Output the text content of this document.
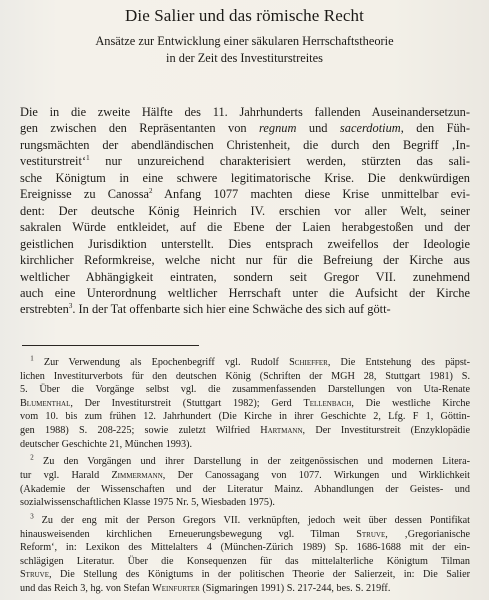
Die Salier und das römische Recht
Ansätze zur Entwicklung einer säkularen Herrschaftstheorie
in der Zeit des Investiturstreites
Die in die zweite Hälfte des 11. Jahrhunderts fallenden Auseinandersetzun-
gen zwischen den Repräsentanten von regnum und sacerdotium, den Füh-
rungsmächten der abendländischen Christenheit, die durch den Begriff ‚In-
vestiturstreit‘$^1$ nur unzureichend charakterisiert werden, stürzten das sali-
sche Königtum in eine schwere legitimatorische Krise. Die denkwürdigen
Ereignisse zu Canossa$^2$ Anfang 1077 machten diese Krise unmittelbar evi-
dent: Der deutsche König Heinrich IV. erschien vor aller Welt, seiner
sakralen Würde entkleidet, auf die Ebene der Laien herabgestoßen und der
geistlichen Jurisdiktion unterstellt. Dies entsprach zweifellos der Ideologie
kirchlicher Reformkreise, welche nicht nur für die Befreiung der Kirche aus
weltlicher Abhängigkeit eintraten, sondern seit Gregor VII. zunehmend
auch eine Unterordnung weltlicher Herrschaft unter die Aufsicht der Kirche
erstrebten$^3$. In der Tat offenbarte sich hier eine Schwäche des sich auf gött-
 $^1$ Zur Verwendung als Epochenbegriff vgl. Rudolf Schieffer, Die Entstehung des päpst-
lichen Investiturverbots für den deutschen König (Schriften der MGH 28, Stuttgart 1981) S.
5. Über die Vorgänge selbst vgl. die zusammenfassenden Darstellungen von Uta-Renate
Blumenthal, Der Investiturstreit (Stuttgart 1982); Gerd Tellenbach, Die westliche Kirche
vom 10. bis zum frühen 12. Jahrhundert (Die Kirche in ihrer Geschichte 2, Lfg. F 1, Göttin-
gen 1988) S. 208-225; sowie zuletzt Wilfried Hartmann, Der Investiturstreit (Enzyklopädie
deutscher Geschichte 21, München 1993).
 $^2$ Zu den Vorgängen und ihrer Darstellung in der zeitgenössischen und modernen Litera-
tur vgl. Harald Zimmermann, Der Canossagang von 1077. Wirkungen und Wirklichkeit
(Akademie der Wissenschaften und der Literatur Mainz. Abhandlungen der Geistes- und
sozialwissenschaftlichen Klasse 1975 Nr. 5, Wiesbaden 1975).
 $^3$ Zu der eng mit der Person Gregors VII. verknüpften, jedoch weit über dessen Pontifikat
hinausweisenden kirchlichen Erneuerungsbewegung vgl. Tilman Struve, ‚Gregorianische
Reform‘, in: Lexikon des Mittelalters 4 (München-Zürich 1989) Sp. 1686-1688 mit der ein-
schlägigen Literatur. Über die Konsequenzen für das mittelalterliche Königtum Tilman
Struve, Die Stellung des Königtums in der politischen Theorie der Salierzeit, in: Die Salier
und das Reich 3, hg. von Stefan Weinfurter (Sigmaringen 1991) S. 217-244, bes. S. 219ff.
